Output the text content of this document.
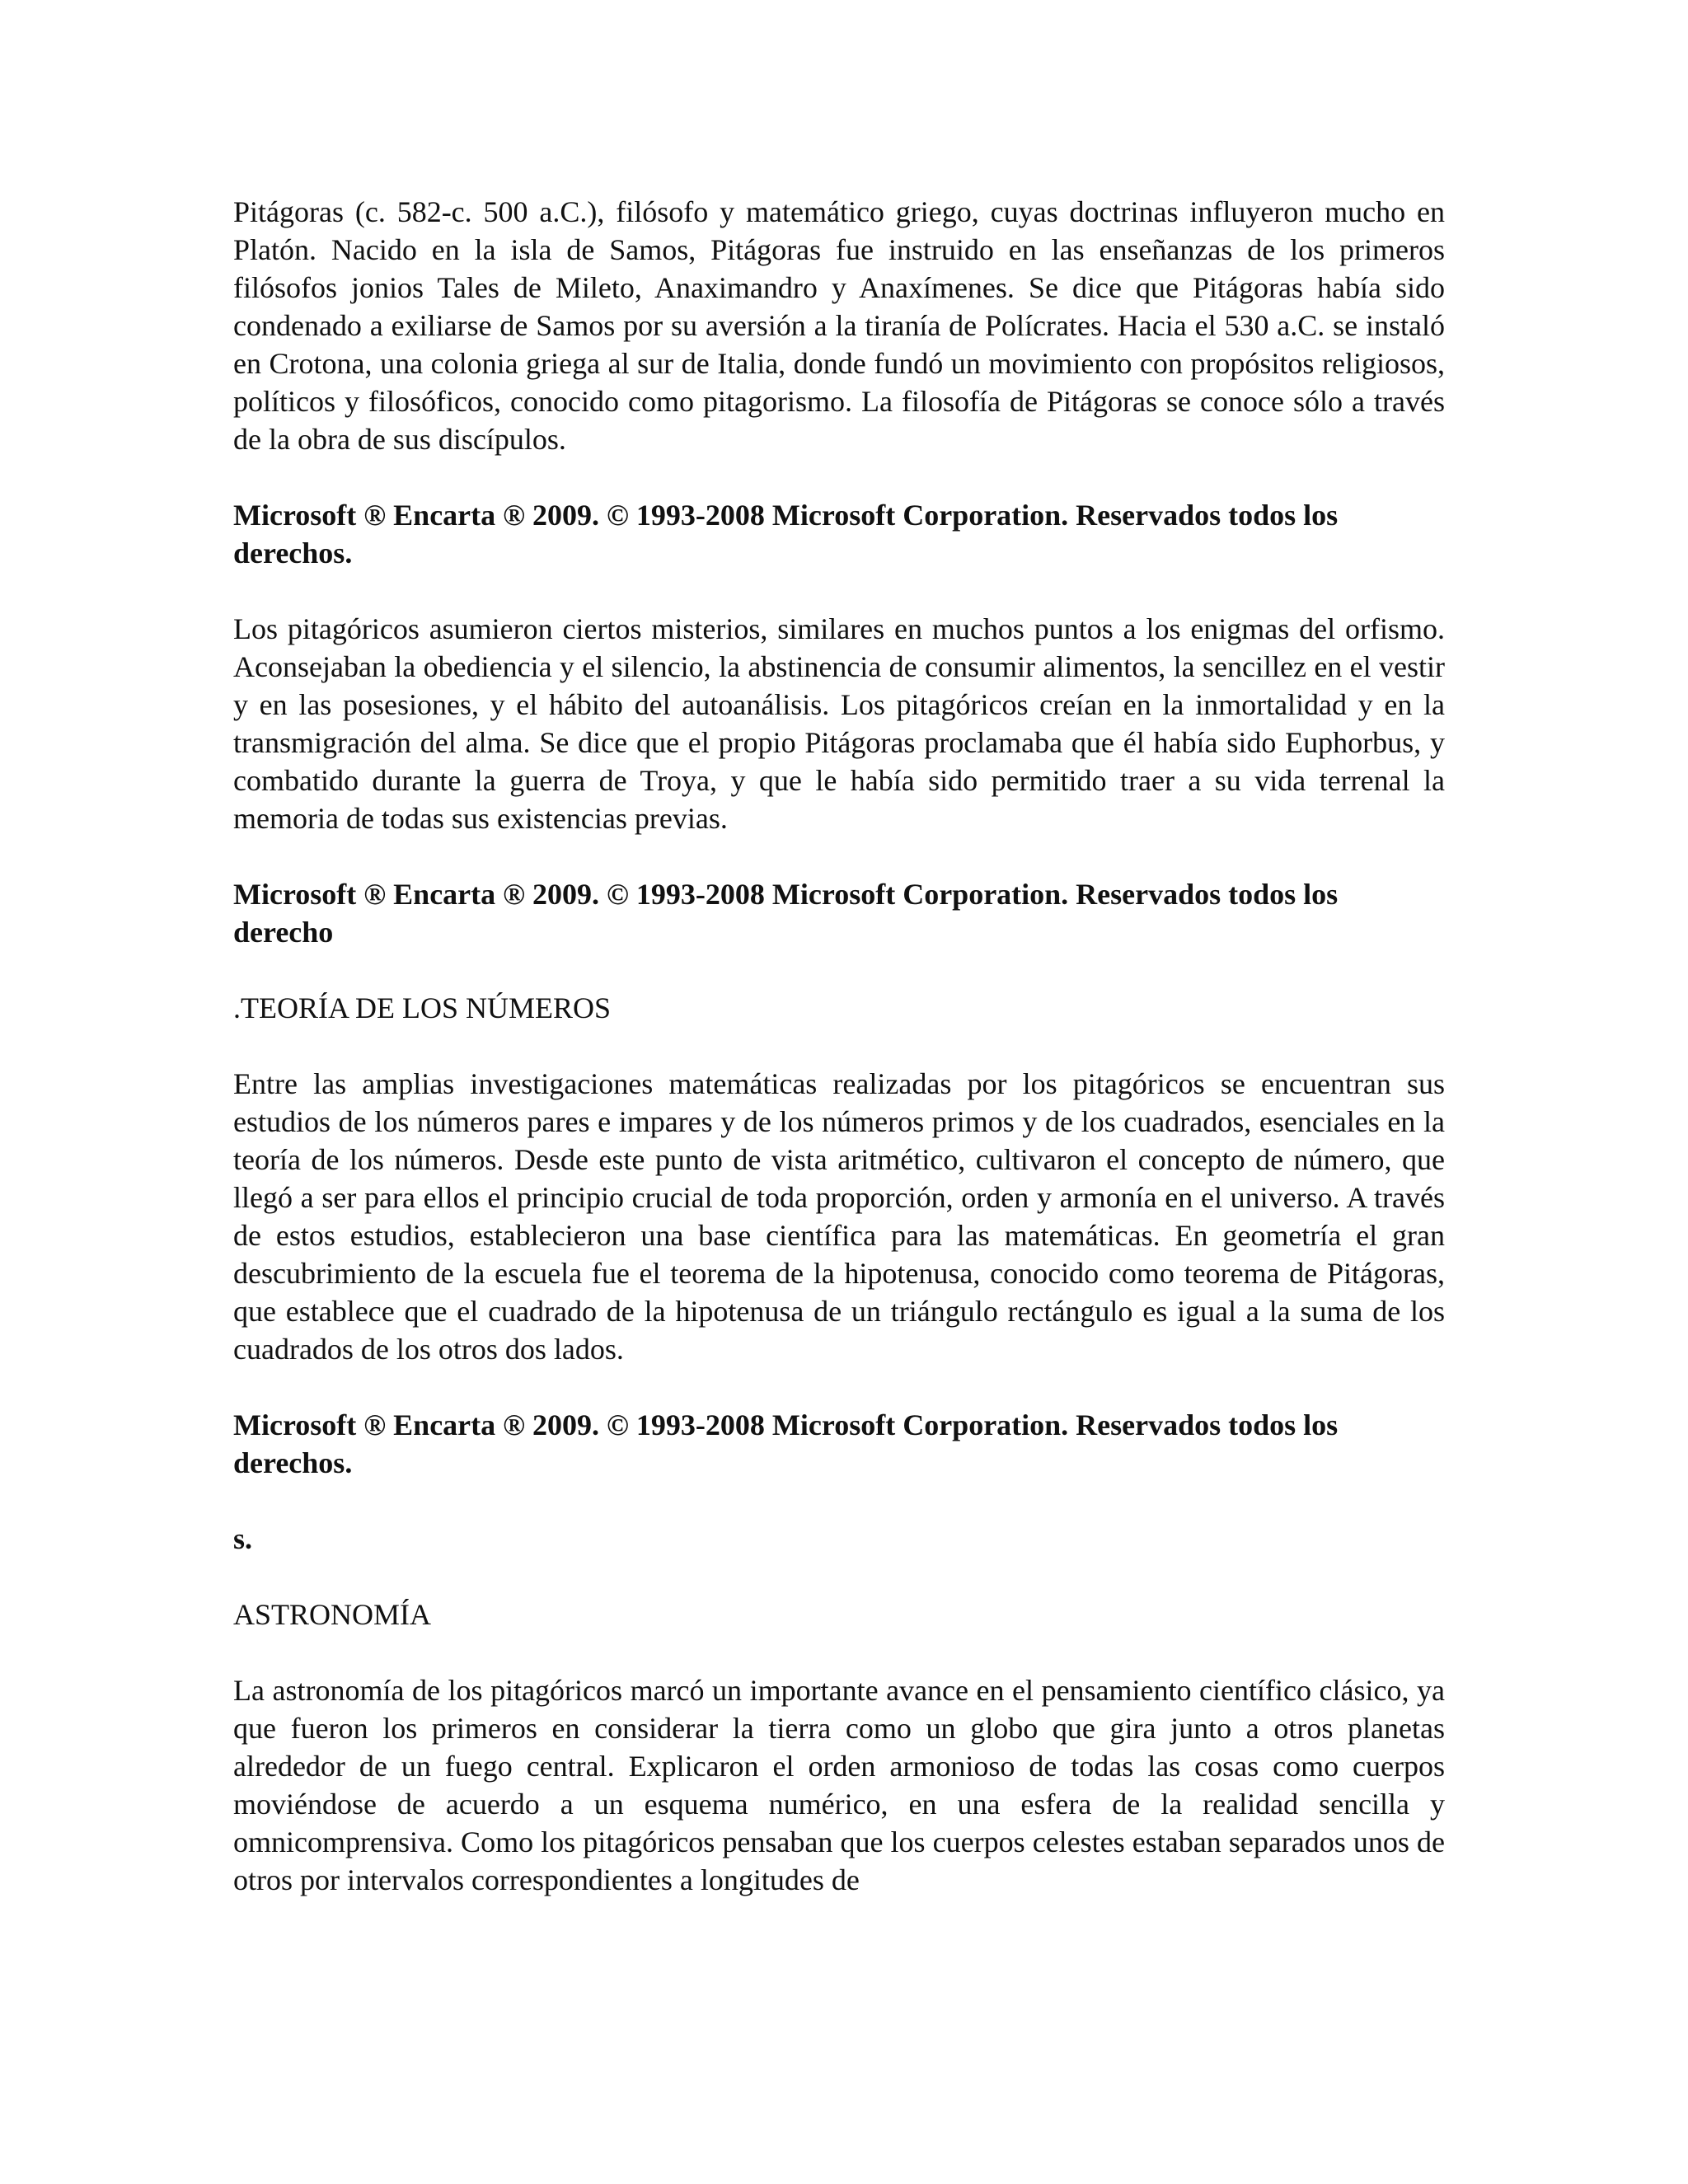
Pitágoras (c. 582-c. 500 a.C.), filósofo y matemático griego, cuyas doctrinas influyeron mucho en Platón. Nacido en la isla de Samos, Pitágoras fue instruido en las enseñanzas de los primeros filósofos jonios Tales de Mileto, Anaximandro y Anaxímenes. Se dice que Pitágoras había sido condenado a exiliarse de Samos por su aversión a la tiranía de Polícrates. Hacia el 530 a.C. se instaló en Crotona, una colonia griega al sur de Italia, donde fundó un movimiento con propósitos religiosos, políticos y filosóficos, conocido como pitagorismo. La filosofía de Pitágoras se conoce sólo a través de la obra de sus discípulos.

Microsoft ® Encarta ® 2009. © 1993-2008 Microsoft Corporation. Reservados todos los derechos.

Los pitagóricos asumieron ciertos misterios, similares en muchos puntos a los enigmas del orfismo. Aconsejaban la obediencia y el silencio, la abstinencia de consumir alimentos, la sencillez en el vestir y en las posesiones, y el hábito del autoanálisis. Los pitagóricos creían en la inmortalidad y en la transmigración del alma. Se dice que el propio Pitágoras proclamaba que él había sido Euphorbus, y combatido durante la guerra de Troya, y que le había sido permitido traer a su vida terrenal la memoria de todas sus existencias previas.

Microsoft ® Encarta ® 2009. © 1993-2008 Microsoft Corporation. Reservados todos los derecho

.TEORÍA DE LOS NÚMEROS

Entre las amplias investigaciones matemáticas realizadas por los pitagóricos se encuentran sus estudios de los números pares e impares y de los números primos y de los cuadrados, esenciales en la teoría de los números. Desde este punto de vista aritmético, cultivaron el concepto de número, que llegó a ser para ellos el principio crucial de toda proporción, orden y armonía en el universo. A través de estos estudios, establecieron una base científica para las matemáticas. En geometría el gran descubrimiento de la escuela fue el teorema de la hipotenusa, conocido como teorema de Pitágoras, que establece que el cuadrado de la hipotenusa de un triángulo rectángulo es igual a la suma de los cuadrados de los otros dos lados.

Microsoft ® Encarta ® 2009. © 1993-2008 Microsoft Corporation. Reservados todos los derechos.

s.

ASTRONOMÍA

La astronomía de los pitagóricos marcó un importante avance en el pensamiento científico clásico, ya que fueron los primeros en considerar la tierra como un globo que gira junto a otros planetas alrededor de un fuego central. Explicaron el orden armonioso de todas las cosas como cuerpos moviéndose de acuerdo a un esquema numérico, en una esfera de la realidad sencilla y omnicomprensiva. Como los pitagóricos pensaban que los cuerpos celestes estaban separados unos de otros por intervalos correspondientes a longitudes de
